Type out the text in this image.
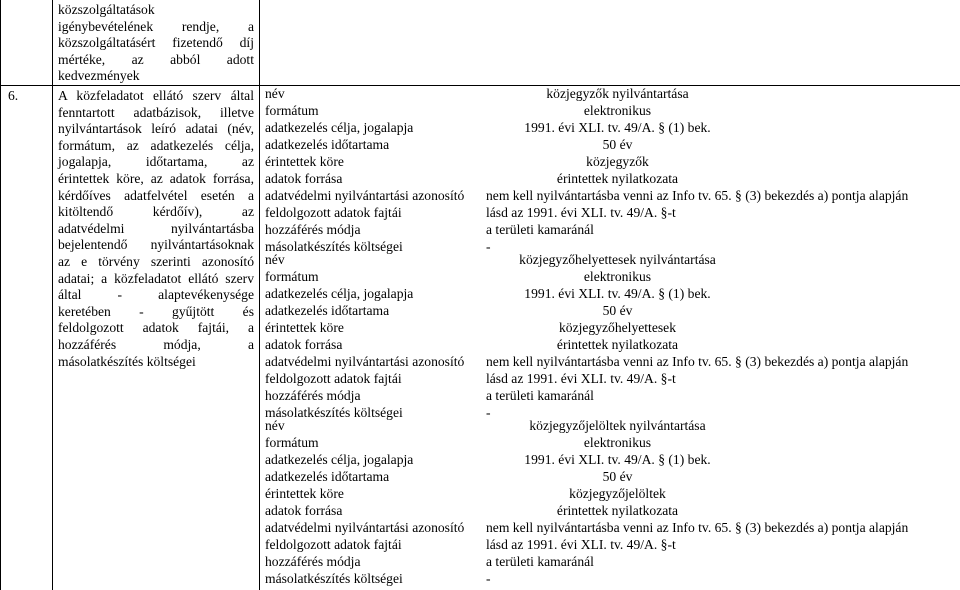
közszolgáltatások
igénybevételének rendje, a
közszolgáltatásért fizetendő díj
mértéke, az abból adott
kedvezmények
6.	A közfeladatot ellátó szerv által
fenntartott adatbázisok, illetve
nyilvántartások leíró adatai (név,
formátum, az adatkezelés célja,
jogalapja, időtartama, az
érintettek köre, az adatok forrása,
kérdőíves adatfelvétel esetén a
kitöltendő kérdőív), az
adatvédelmi nyilvántartásba
bejelentendő nyilvántartásoknak
az e törvény szerinti azonosító
adatai; a közfeladatot ellátó szerv
által - alaptevékenysége
keretében - gyűjtött és
feldolgozott adatok fajtái, a
hozzáférés módja, a
másolatkészítés költségei
név	közjegyzők nyilvántartása
formátum	elektronikus
adatkezelés célja, jogalapja	1991. évi XLI. tv. 49/A. § (1) bek.
adatkezelés időtartama	50 év
érintettek köre	közjegyzők
adatok forrása	érintettek nyilatkozata
adatvédelmi nyilvántartási azonosító nem kell nyilvántartásba venni az Info tv. 65. § (3) bekezdés a) pontja alapján
feldolgozott adatok fajtái	lásd az 1991. évi XLI. tv. 49/A. §-t
hozzáférés módja	a területi kamaránál
másolatkészítés költségei	-
név	közjegyzőhelyettesek nyilvántartása
formátum	elektronikus
adatkezelés célja, jogalapja	1991. évi XLI. tv. 49/A. § (1) bek.
adatkezelés időtartama	50 év
érintettek köre	közjegyzőhelyettesek
adatok forrása	érintettek nyilatkozata
adatvédelmi nyilvántartási azonosító nem kell nyilvántartásba venni az Info tv. 65. § (3) bekezdés a) pontja alapján
feldolgozott adatok fajtái	lásd az 1991. évi XLI. tv. 49/A. §-t
hozzáférés módja	a területi kamaránál
másolatkészítés költségei	-
név	közjegyzőjelöltek nyilvántartása
formátum	elektronikus
adatkezelés célja, jogalapja	1991. évi XLI. tv. 49/A. § (1) bek.
adatkezelés időtartama	50 év
érintettek köre	közjegyzőjelöltek
adatok forrása	érintettek nyilatkozata
adatvédelmi nyilvántartási azonosító nem kell nyilvántartásba venni az Info tv. 65. § (3) bekezdés a) pontja alapján
feldolgozott adatok fajtái	lásd az 1991. évi XLI. tv. 49/A. §-t
hozzáférés módja	a területi kamaránál
másolatkészítés költségei	-
